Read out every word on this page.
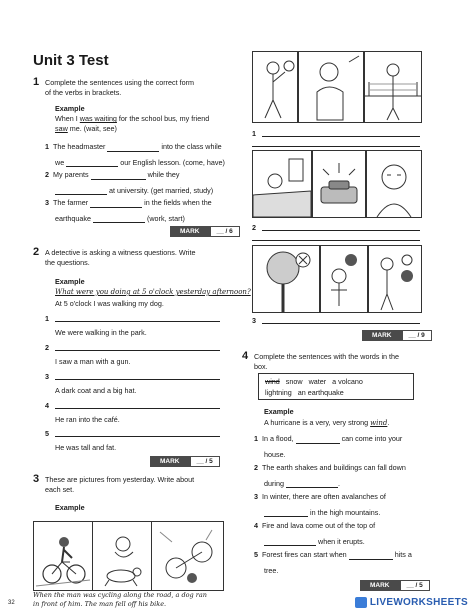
Unit 3 Test
1 Complete the sentences using the correct form
of the verbs in brackets.
Example
When I was waiting for the school bus, my friend
saw me. (wait, see)
1 The headmaster	into the class while
we	our English lesson. (come, have)
2 My parents	while they
at university. (get married, study)
3 The farmer	in the fields when the
earthquake	(work, start)
MARK	__ / 6
2 A detective is asking a witness questions. Write
the questions.
Example
What were you doing at 5 o'clock yesterday afternoon?
At 5 o'clock I was walking my dog.
1
We were walking in the park.
2
I saw a man with a gun.
3
A dark coat and a big hat.
4
He ran into the café.
5
He was tall and fat.
MARK	__ / 5
3 These are pictures from yesterday. Write about
each set.
Example
When the man was cycling along the road, a dog ran
in front of him. The man fell off his bike.
1
2
3
MARK	__ / 9
4 Complete the sentences with the words in the
box.
wind snow water a volcano
lightning an earthquake
Example
A hurricane is a very, very strong wind.
1 In a flood,	can come into your
house.
2 The earth shakes and buildings can fall down
during	.
3 In winter, there are often avalanches of
in the high mountains.
4 Fire and lava come out of the top of
when it erupts.
5 Forest fires can start when	hits a
tree.
MARK	__ / 5
32	LIVEWORKSHEETS
